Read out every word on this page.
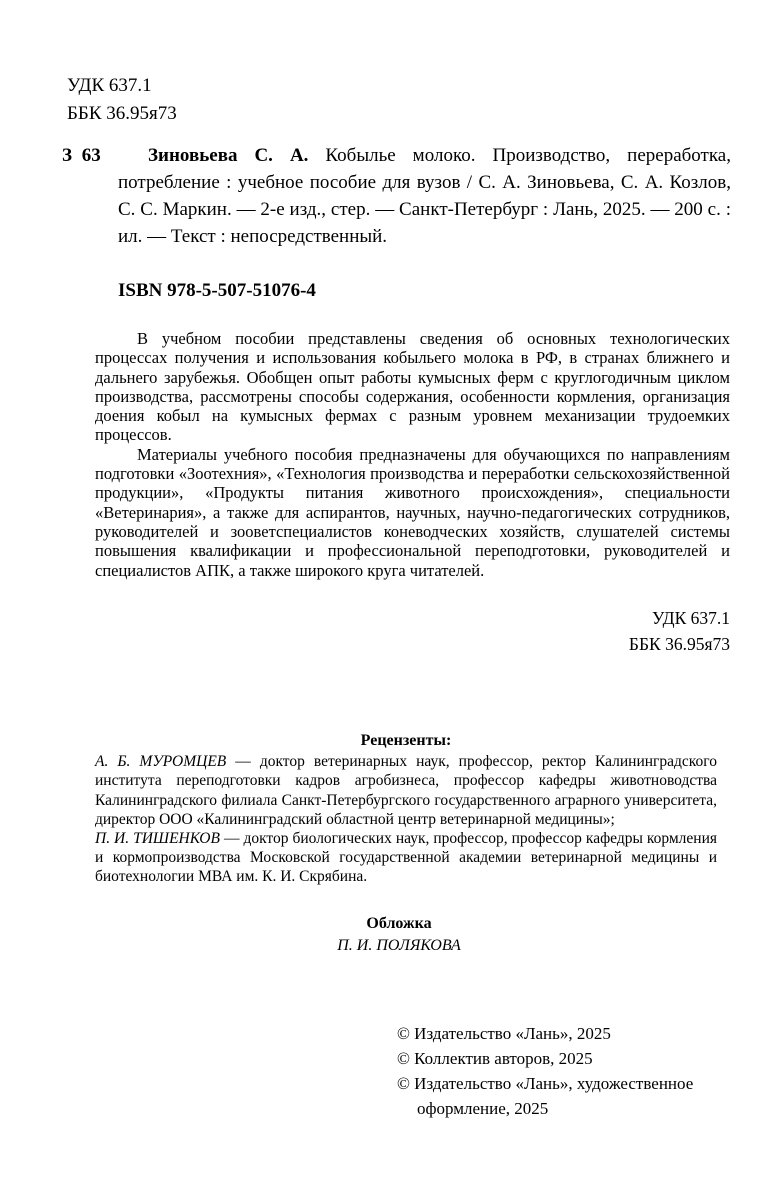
УДК 637.1
ББК 36.95я73
З 63	Зиновьева С. А. Кобылье молоко. Производство, переработка, потребление : учебное пособие для вузов / С. А. Зиновьева, С. А. Козлов, С. С. Маркин. — 2-е изд., стер. — Санкт-Петербург : Лань, 2025. — 200 с. : ил. — Текст : непосредственный.
ISBN 978-5-507-51076-4

В учебном пособии представлены сведения об основных технологических процессах получения и использования кобыльего молока в РФ, в странах ближнего и дальнего зарубежья. Обобщен опыт работы кумысных ферм с круглогодичным циклом производства, рассмотрены способы содержания, особенности кормления, организация доения кобыл на кумысных фермах с разным уровнем механизации трудоемких процессов.

Материалы учебного пособия предназначены для обучающихся по направлениям подготовки «Зоотехния», «Технология производства и переработки сельскохозяйственной продукции», «Продукты питания животного происхождения», специальности «Ветеринария», а также для аспирантов, научных, научно-педагогических сотрудников, руководителей и зооветспециалистов коневодческих хозяйств, слушателей системы повышения квалификации и профессиональной переподготовки, руководителей и специалистов АПК, а также широкого круга читателей.

УДК 637.1
ББК 36.95я73
Рецензенты:

А. Б. МУРОМЦЕВ — доктор ветеринарных наук, профессор, ректор Калининградского института переподготовки кадров агробизнеса, профессор кафедры животноводства Калининградского филиала Санкт-Петербургского государственного аграрного университета, директор ООО «Калининградский областной центр ветеринарной медицины»;

П. И. ТИШЕНКОВ — доктор биологических наук, профессор, профессор кафедры кормления и кормопроизводства Московской государственной академии ветеринарной медицины и биотехнологии МВА им. К. И. Скрябина.

Обложка
П. И. ПОЛЯКОВА
© Издательство «Лань», 2025
© Коллектив авторов, 2025
© Издательство «Лань», художественное оформление, 2025
